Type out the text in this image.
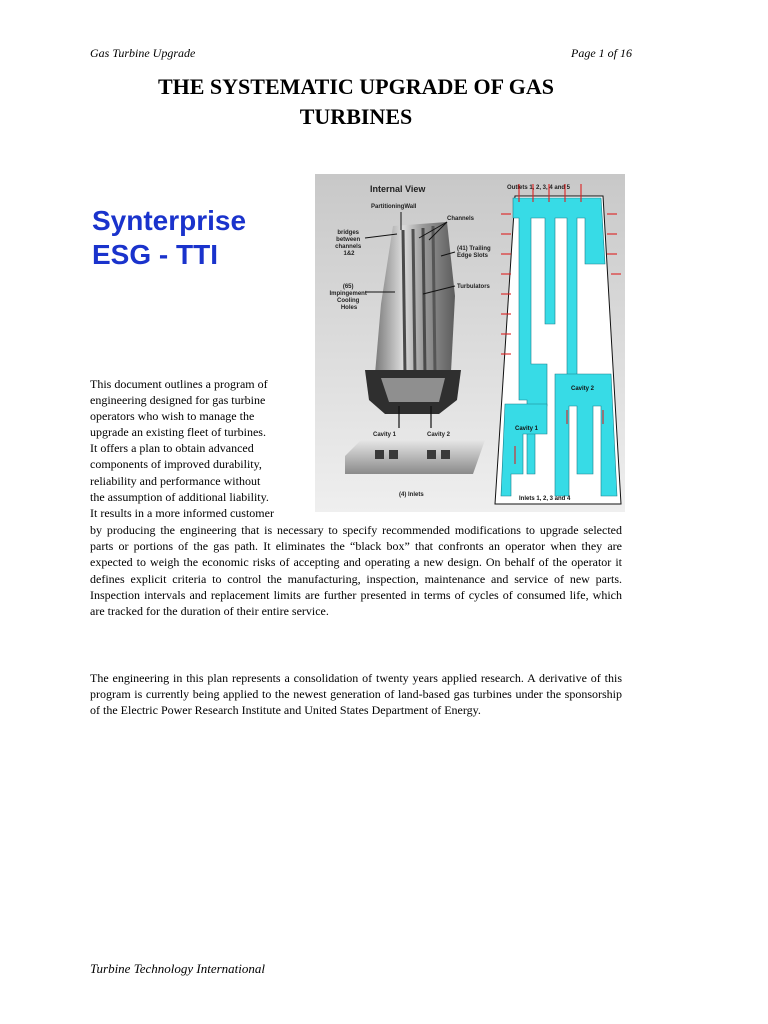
Gas Turbine Upgrade	Page 1 of 16
THE SYSTEMATIC UPGRADE OF GAS
TURBINES
Synterprise
ESG - TTI
Internal View
PartitioningWall
Channels
bridges between channels 1&2
(41) Trailing Edge Slots
Turbulators
(65) Impingement Cooling Holes
Cavity 1	Cavity 2
(4) Inlets
Outlets 1, 2, 3, 4 and 5
Cavity 2
Cavity 1
Inlets 1, 2, 3 and 4

This document outlines a program of
engineering designed for gas turbine
operators who wish to manage the
upgrade an existing fleet of turbines.
It offers a plan to obtain advanced
components of improved durability,
reliability and performance without
the assumption of additional liability.
It results in a more informed customer

by producing the engineering that is necessary to specify recommended modifications to upgrade selected parts or portions of the gas path. It eliminates the “black box” that confronts an operator when they are expected to weigh the economic risks of accepting and operating a new design. On behalf of the operator it defines explicit criteria to control the manufacturing, inspection, maintenance and service of new parts. Inspection intervals and replacement limits are further presented in terms of cycles of consumed life, which are tracked for the duration of their entire service.

The engineering in this plan represents a consolidation of twenty years applied research. A derivative of this program is currently being applied to the newest generation of land-based gas turbines under the sponsorship of the Electric Power Research Institute and United States Department of Energy.

Turbine Technology International
